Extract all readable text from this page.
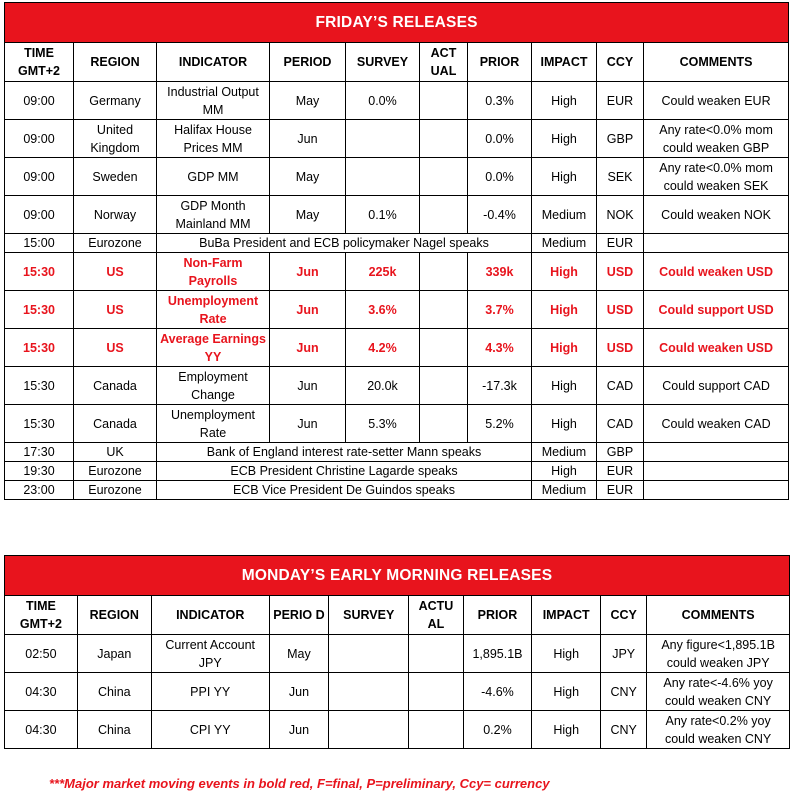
FRIDAY’S RELEASES									
TIME GMT+2	REGION	INDICATOR	PERIOD	SURVEY	ACT UAL	PRIOR	IMPACT	CCY	COMMENTS
09:00	Germany	Industrial Output MM	May	0.0%		0.3%	High	EUR	Could weaken EUR
09:00	United Kingdom	Halifax House Prices MM	Jun			0.0%	High	GBP	Any rate<0.0% mom could weaken GBP
09:00	Sweden	GDP MM	May			0.0%	High	SEK	Any rate<0.0% mom could weaken SEK
09:00	Norway	GDP Month Mainland MM	May	0.1%		-0.4%	Medium	NOK	Could weaken NOK
15:00	Eurozone	BuBa President and ECB policymaker Nagel speaks					Medium	EUR	
15:30	US	Non-Farm Payrolls	Jun	225k		339k	High	USD	Could weaken USD
15:30	US	Unemployment Rate	Jun	3.6%		3.7%	High	USD	Could support USD
15:30	US	Average Earnings YY	Jun	4.2%		4.3%	High	USD	Could weaken USD
15:30	Canada	Employment Change	Jun	20.0k		-17.3k	High	CAD	Could support CAD
15:30	Canada	Unemployment Rate	Jun	5.3%		5.2%	High	CAD	Could weaken CAD
17:30	UK	Bank of England interest rate-setter Mann speaks					Medium	GBP	
19:30	Eurozone	ECB President Christine Lagarde speaks					High	EUR	
23:00	Eurozone	ECB Vice President De Guindos speaks					Medium	EUR	
MONDAY’S EARLY MORNING RELEASES									
TIME GMT+2	REGION	INDICATOR	PERIO D	SURVEY	ACTU AL	PRIOR	IMPACT	CCY	COMMENTS
02:50	Japan	Current Account JPY	May			1,895.1B	High	JPY	Any figure<1,895.1B could weaken JPY
04:30	China	PPI YY	Jun			-4.6%	High	CNY	Any rate<-4.6% yoy could weaken CNY
04:30	China	CPI YY	Jun			0.2%	High	CNY	Any rate<0.2% yoy could weaken CNY
***Major market moving events in bold red, F=final, P=preliminary, Ccy= currency
